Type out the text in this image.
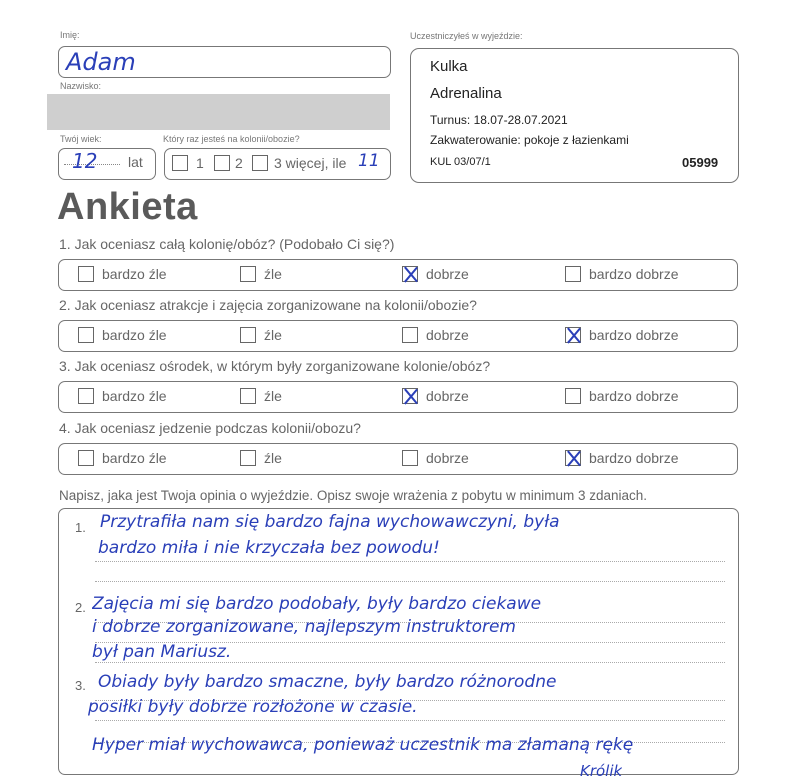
Imię:
Adam
Nazwisko:
Twój wiek:
12 lat
Który raz jesteś na kolonii/obozie?
1 2 3 więcej, ile 11
Uczestniczyłeś w wyjeździe:
Kulka
Adrenalina
Turnus: 18.07-28.07.2021
Zakwaterowanie: pokoje z łazienkami
KUL 03/07/1	05999
Ankieta
1. Jak oceniasz całą kolonię/obóz? (Podobało Ci się?)
bardzo źle	źle	dobrze	bardzo dobrze
2. Jak oceniasz atrakcje i zajęcia zorganizowane na kolonii/obozie?
bardzo źle	źle	dobrze	bardzo dobrze
3. Jak oceniasz ośrodek, w którym były zorganizowane kolonie/obóz?
bardzo źle	źle	dobrze	bardzo dobrze
4. Jak oceniasz jedzenie podczas kolonii/obozu?
bardzo źle	źle	dobrze	bardzo dobrze
Napisz, jaka jest Twoja opinia o wyjeździe. Opisz swoje wrażenia z pobytu w minimum 3 zdaniach.
1.
2.
3.
Przytrafiła nam się bardzo fajna wychowawczyni, była
bardzo miła i nie krzyczała bez powodu!
Zajęcia mi się bardzo podobały, były bardzo ciekawe
i dobrze zorganizowane, najlepszym instruktorem
był pan Mariusz.
Obiady były bardzo smaczne, były bardzo różnorodne
posiłki były dobrze rozłożone w czasie.
Hyper miał wychowawca, ponieważ uczestnik ma złamaną rękę
Królik
